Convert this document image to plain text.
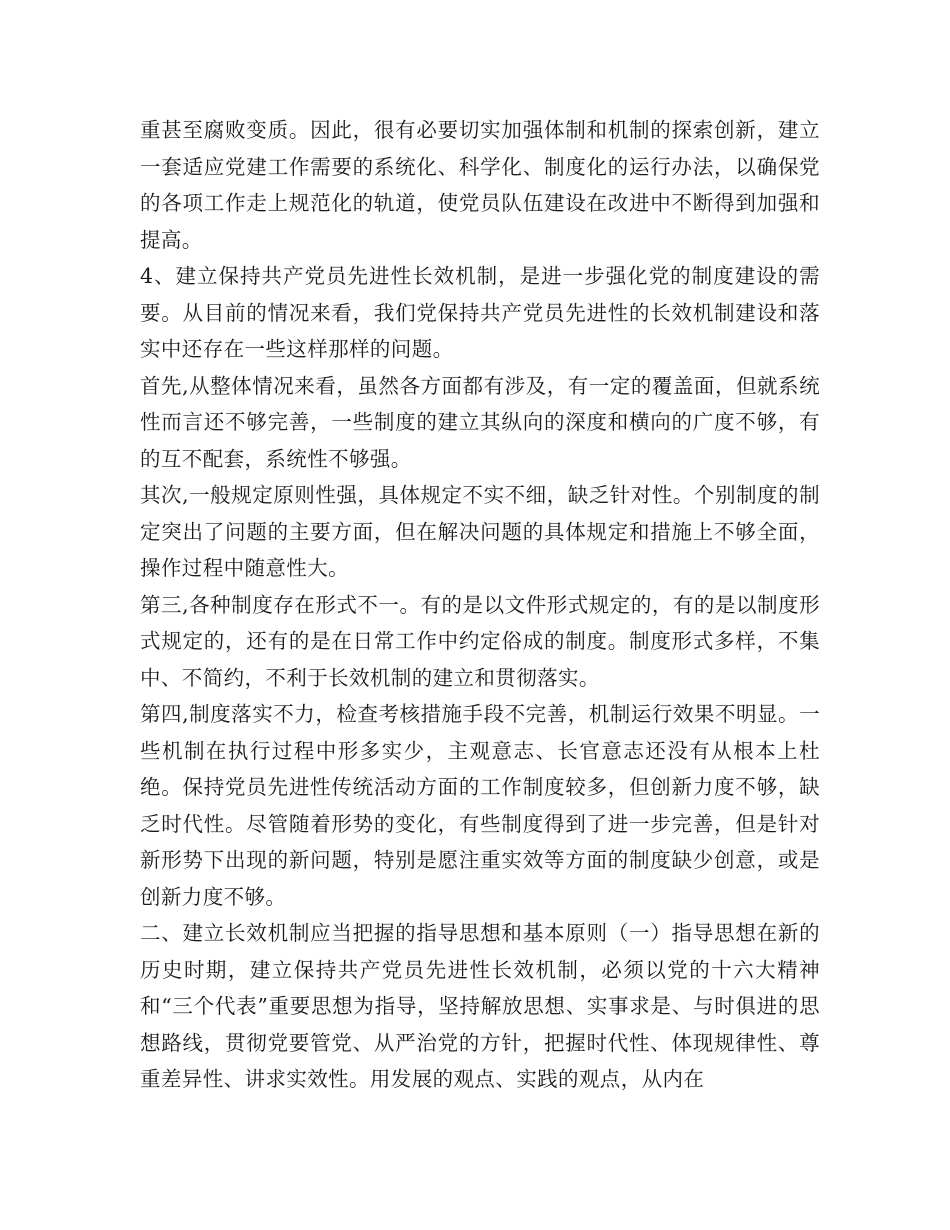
重甚至腐败变质。因此，很有必要切实加强体制和机制的探索创新，建立一套适应党建工作需要的系统化、科学化、制度化的运行办法，以确保党的各项工作走上规范化的轨道，使党员队伍建设在改进中不断得到加强和提高。

4、建立保持共产党员先进性长效机制，是进一步强化党的制度建设的需要。从目前的情况来看，我们党保持共产党员先进性的长效机制建设和落实中还存在一些这样那样的问题。

首先,从整体情况来看，虽然各方面都有涉及，有一定的覆盖面，但就系统性而言还不够完善，一些制度的建立其纵向的深度和横向的广度不够，有的互不配套，系统性不够强。

其次,一般规定原则性强，具体规定不实不细，缺乏针对性。个别制度的制定突出了问题的主要方面，但在解决问题的具体规定和措施上不够全面，操作过程中随意性大。

第三,各种制度存在形式不一。有的是以文件形式规定的，有的是以制度形式规定的，还有的是在日常工作中约定俗成的制度。制度形式多样，不集中、不简约，不利于长效机制的建立和贯彻落实。

第四,制度落实不力，检查考核措施手段不完善，机制运行效果不明显。一些机制在执行过程中形多实少，主观意志、长官意志还没有从根本上杜绝。保持党员先进性传统活动方面的工作制度较多，但创新力度不够，缺乏时代性。尽管随着形势的变化，有些制度得到了进一步完善，但是针对新形势下出现的新问题，特别是愿注重实效等方面的制度缺少创意，或是创新力度不够。

二、建立长效机制应当把握的指导思想和基本原则（一）指导思想在新的历史时期，建立保持共产党员先进性长效机制，必须以党的十六大精神和“三个代表”重要思想为指导，坚持解放思想、实事求是、与时俱进的思想路线，贯彻党要管党、从严治党的方针，把握时代性、体现规律性、尊重差异性、讲求实效性。用发展的观点、实践的观点，从内在
